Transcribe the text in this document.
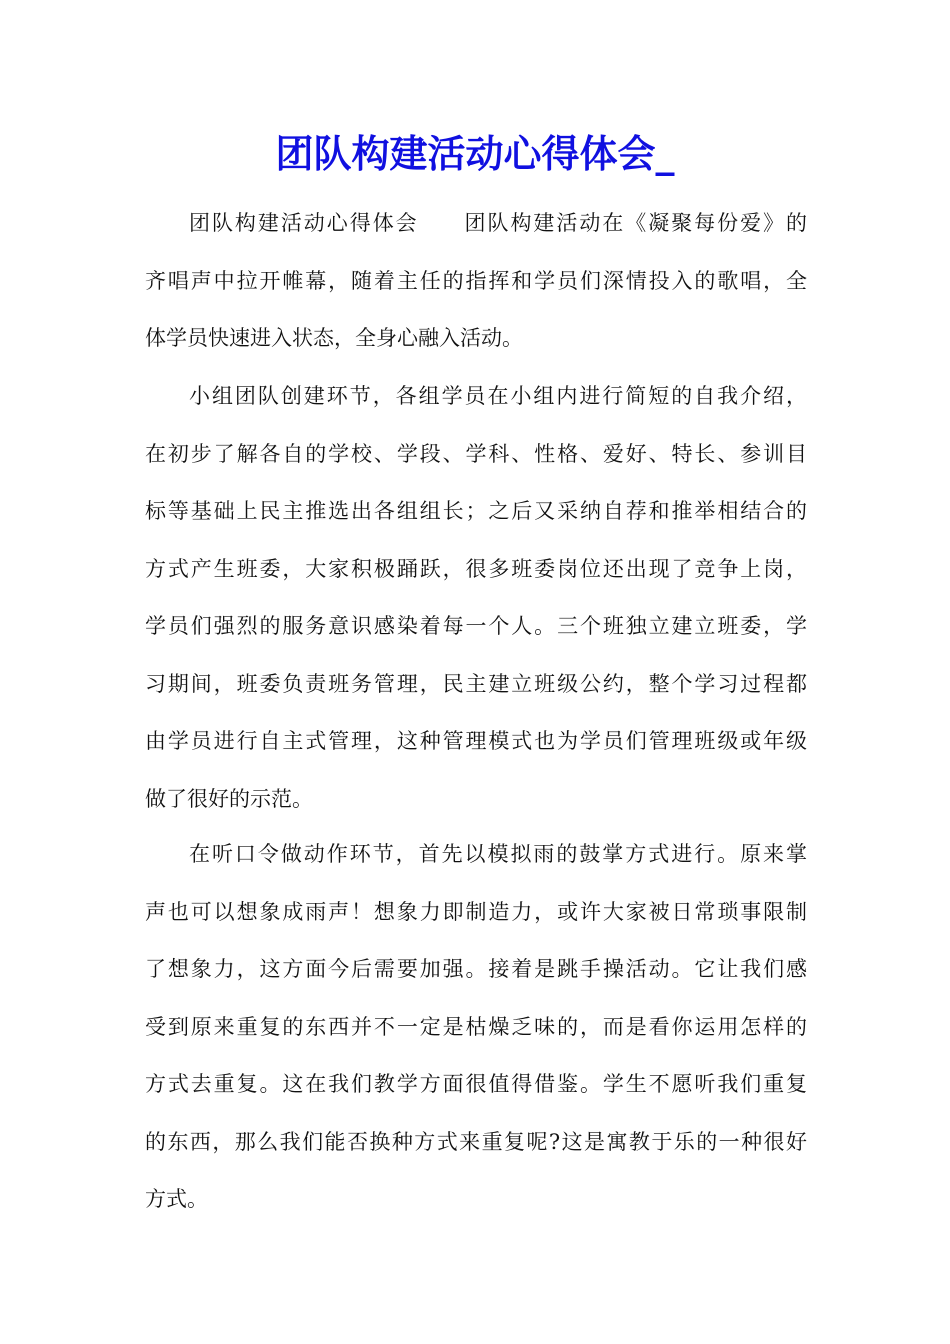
团队构建活动心得体会_
团队构建活动心得体会　　团队构建活动在《凝聚每份爱》的
齐唱声中拉开帷幕，随着主任的指挥和学员们深情投入的歌唱，全
体学员快速进入状态，全身心融入活动。
小组团队创建环节，各组学员在小组内进行简短的自我介绍，
在初步了解各自的学校、学段、学科、性格、爱好、特长、参训目
标等基础上民主推选出各组组长；之后又采纳自荐和推举相结合的
方式产生班委，大家积极踊跃，很多班委岗位还出现了竞争上岗，
学员们强烈的服务意识感染着每一个人。三个班独立建立班委，学
习期间，班委负责班务管理，民主建立班级公约，整个学习过程都
由学员进行自主式管理，这种管理模式也为学员们管理班级或年级
做了很好的示范。
在听口令做动作环节，首先以模拟雨的鼓掌方式进行。原来掌
声也可以想象成雨声！想象力即制造力，或许大家被日常琐事限制
了想象力，这方面今后需要加强。接着是跳手操活动。它让我们感
受到原来重复的东西并不一定是枯燥乏味的，而是看你运用怎样的
方式去重复。这在我们教学方面很值得借鉴。学生不愿听我们重复
的东西，那么我们能否换种方式来重复呢?这是寓教于乐的一种很好
方式。
